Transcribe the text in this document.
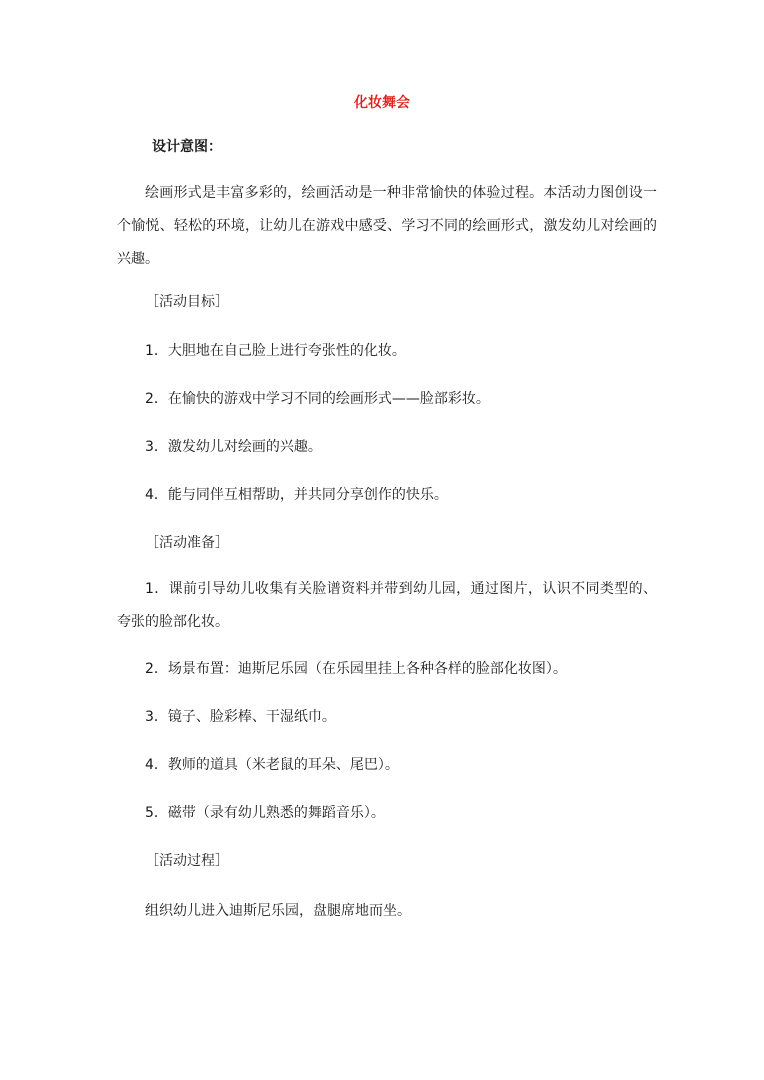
化妆舞会
设计意图：
绘画形式是丰富多彩的，绘画活动是一种非常愉快的体验过程。本活动力图创设一个愉悦、轻松的环境，让幼儿在游戏中感受、学习不同的绘画形式，激发幼儿对绘画的兴趣。
［活动目标］
1．大胆地在自己脸上进行夸张性的化妆。
2．在愉快的游戏中学习不同的绘画形式——脸部彩妆。
3．激发幼儿对绘画的兴趣。
4．能与同伴互相帮助，并共同分享创作的快乐。
［活动准备］
1．课前引导幼儿收集有关脸谱资料并带到幼儿园，通过图片，认识不同类型的、夸张的脸部化妆。
2．场景布置：迪斯尼乐园（在乐园里挂上各种各样的脸部化妆图）。
3．镜子、脸彩棒、干湿纸巾。
4．教师的道具（米老鼠的耳朵、尾巴）。
5．磁带（录有幼儿熟悉的舞蹈音乐）。
［活动过程］
组织幼儿进入迪斯尼乐园，盘腿席地而坐。
